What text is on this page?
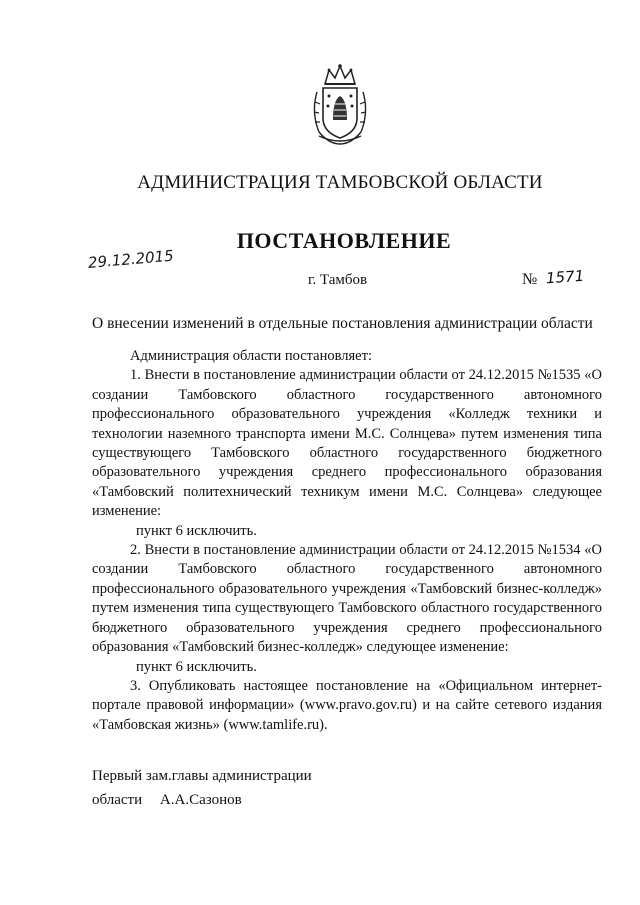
АДМИНИСТРАЦИЯ ТАМБОВСКОЙ ОБЛАСТИ
ПОСТАНОВЛЕНИЕ
29.12.2015
г. Тамбов	№ 1571
О внесении изменений в отдельные постановления администрации области

Администрация области постановляет:

1. Внести в постановление администрации области от 24.12.2015 №1535 «О создании Тамбовского областного государственного автономного профессионального образовательного учреждения «Колледж техники и технологии наземного транспорта имени М.С. Солнцева» путем изменения типа существующего Тамбовского областного государственного бюджетного образовательного учреждения среднего профессионального образования «Тамбовский политехнический техникум имени М.С. Солнцева» следующее изменение:

пункт 6 исключить.

2. Внести в постановление администрации области от 24.12.2015 №1534 «О создании Тамбовского областного государственного автономного профессионального образовательного учреждения «Тамбовский бизнес-колледж» путем изменения типа существующего Тамбовского областного государственного бюджетного образовательного учреждения среднего профессионального образования «Тамбовский бизнес-колледж» следующее изменение:

пункт 6 исключить.

3. Опубликовать настоящее постановление на «Официальном интернет-портале правовой информации» (www.pravo.gov.ru) и на сайте сетевого издания «Тамбовская жизнь» (www.tamlife.ru).

Первый зам.главы администрации
области А.А.Сазонов
